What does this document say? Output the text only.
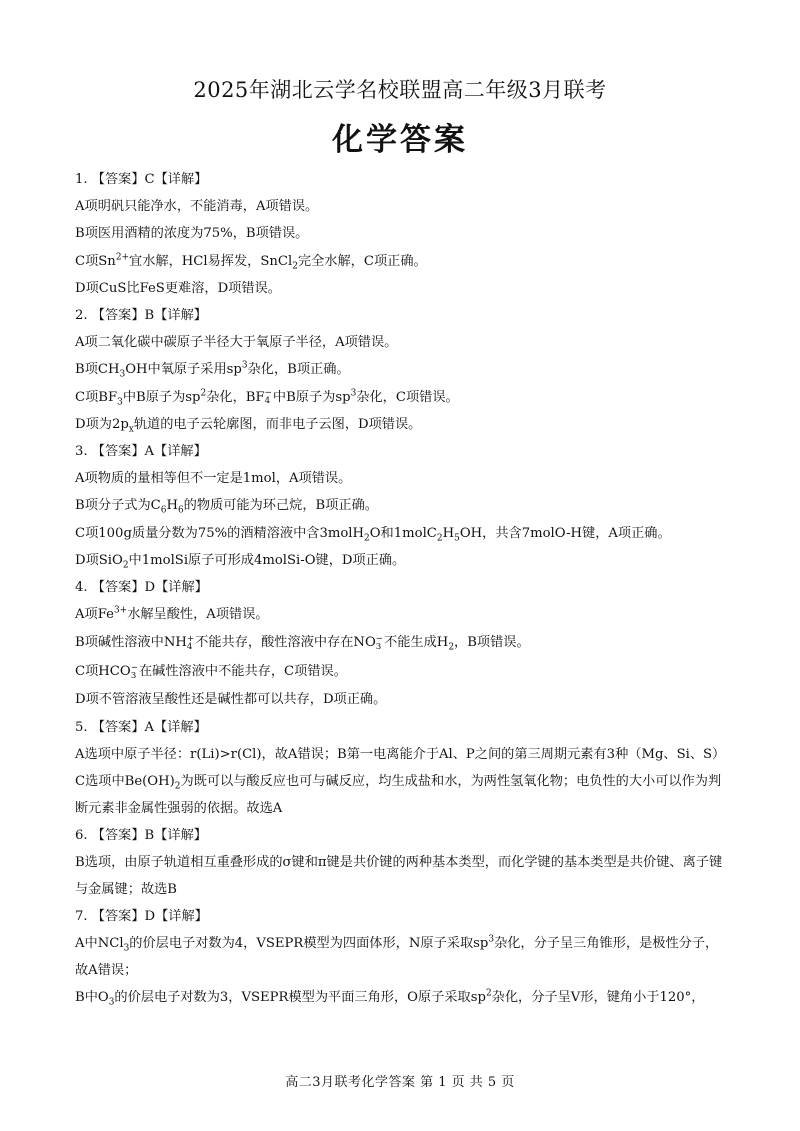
2025年湖北云学名校联盟高二年级3月联考
化学答案
1. 【答案】C【详解】
A项明矾只能净水，不能消毒，A项错误。
B项医用酒精的浓度为75%，B项错误。
C项$Sn^{2+}$宜水解，HCl易挥发，SnCl$_2$完全水解，C项正确。
D项CuS比FeS更难溶，D项错误。
2. 【答案】B【详解】
A项二氧化碳中碳原子半径大于氧原子半径，A项错误。
B项$CH_3OH$中氧原子采用$sp^3$杂化，B项正确。
C项$BF_3$中B原子为$sp^2$杂化，BF −
4 中B原子为$sp^3$杂化，C项错误。
D项为$2p_x$轨道的电子云轮廓图，而非电子云图，D项错误。
3. 【答案】A【详解】
A项物质的量相等但不一定是1mol，A项错误。
B项分子式为$C_6H_6$的物质可能为环己烷，B项正确。
C项100g质量分数为75%的酒精溶液中含3molH$_2$O和$1molC_2H_5OH$，共含7molO-H键，A项正确。
D项SiO$_2$中1molSi原子可形成4molSi-O键，D项正确。
4. 【答案】D【详解】
A项$Fe^{3+}$水解呈酸性，A项错误。
B项碱性溶液中NH +
4 不能共存，酸性溶液中存在NO −
3 不能生成$H_2$，B项错误。
C项HCO −
3 在碱性溶液中不能共存，C项错误。
D项不管溶液呈酸性还是碱性都可以共存，D项正确。
5. 【答案】A【详解】
A选项中原子半径：r(Li)>r(Cl)，故A错误；B第一电离能介于Al、P之间的第三周期元素有3种（Mg、Si、S）C选项中$Be(OH)_2$为既可以与酸反应也可与碱反应，均生成盐和水，为两性氢氧化物；电负性的大小可以作为判断元素非金属性强弱的依据。故选A
6. 【答案】B【详解】
B选项，由原子轨道相互重叠形成的σ键和π键是共价键的两种基本类型，而化学键的基本类型是共价键、离子键与金属键；故选B
7. 【答案】D【详解】
A中NCl$_3$的价层电子对数为4，VSEPR模型为四面体形，N原子采取$sp^3$杂化，分子呈三角锥形，是极性分子，故A错误；
B中$O_3$的价层电子对数为3，VSEPR模型为平面三角形，O原子采取$sp^2$杂化，分子呈V形，键角小于120°，
高二3月联考化学答案 第 1 页 共 5 页
